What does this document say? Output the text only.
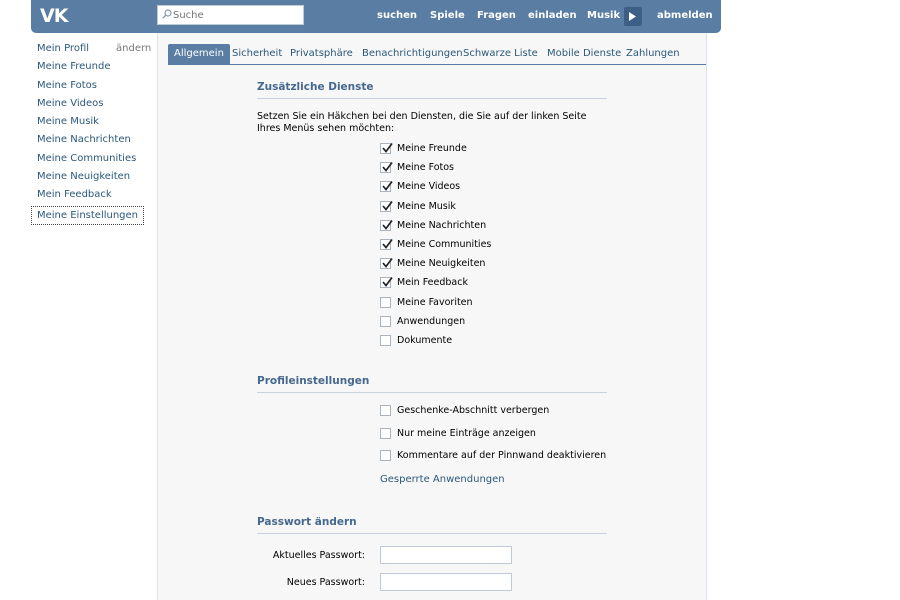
VK
Suche	suchen Spiele Fragen einladen Musik	abmelden
Mein Profil	ändern
Meine Freunde
Meine Fotos
Meine Videos
Meine Musik
Meine Nachrichten
Meine Communities
Meine Neuigkeiten
Mein Feedback
Meine Einstellungen
Allgemein Sicherheit Privatsphäre Benachrichtigungen Schwarze Liste Mobile Dienste Zahlungen
Zusätzliche Dienste
Setzen Sie ein Häkchen bei den Diensten, die Sie auf der linken Seite Ihres Menüs sehen möchten:
Meine Freunde
Meine Fotos
Meine Videos
Meine Musik
Meine Nachrichten
Meine Communities
Meine Neuigkeiten
Mein Feedback
Meine Favoriten
Anwendungen
Dokumente
Profileinstellungen
Geschenke-Abschnitt verbergen
Nur meine Einträge anzeigen
Kommentare auf der Pinnwand deaktivieren
Gesperrte Anwendungen
Passwort ändern
Aktuelles Passwort:
Neues Passwort:
